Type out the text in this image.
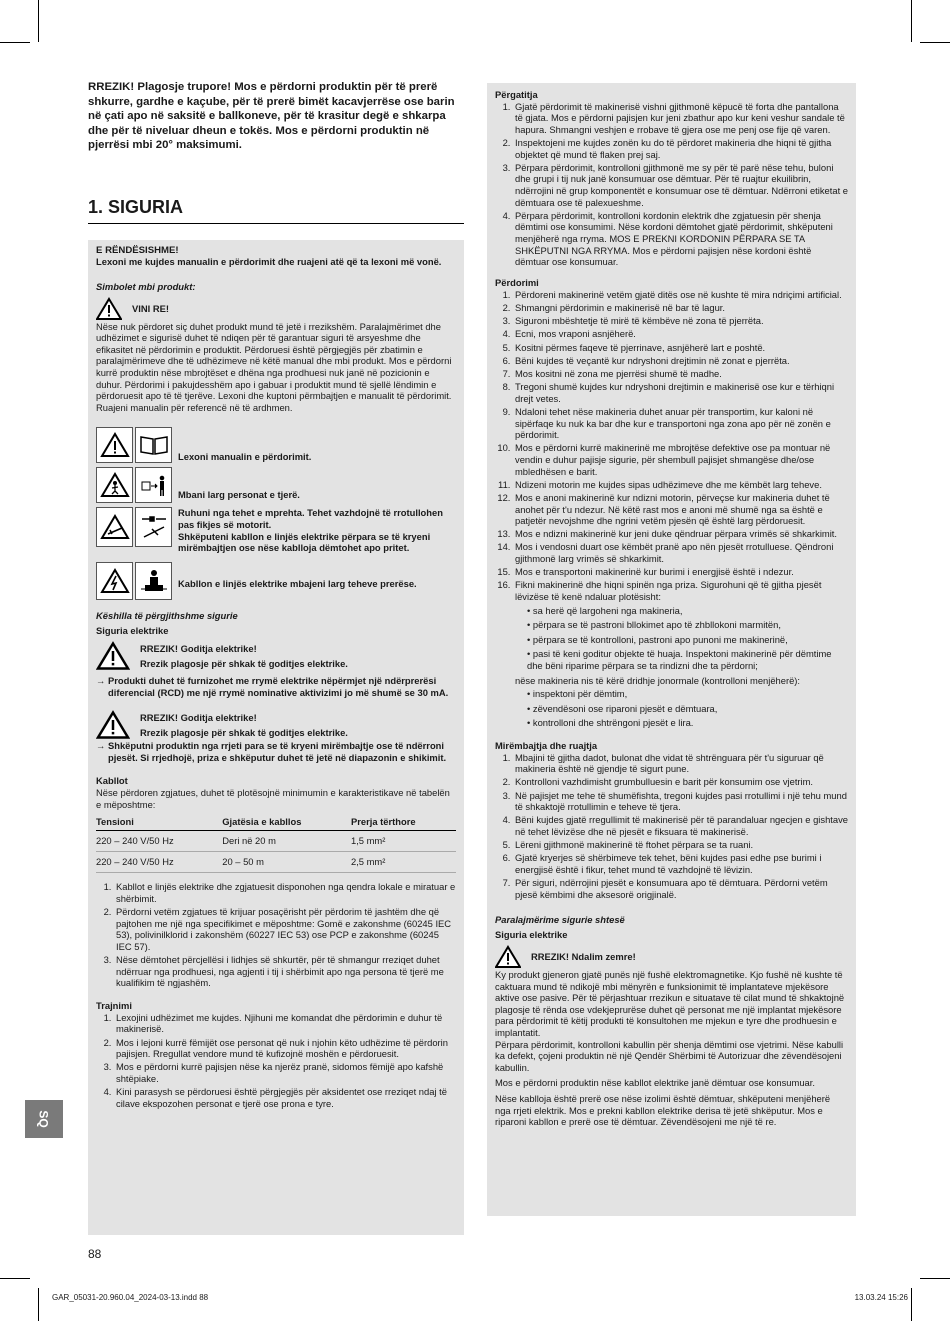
RREZIK! Plagosje trupore! Mos e përdorni produktin për të prerë shkurre, gardhe e kaçube, për të prerë bimët kacavjerrëse ose barin në çati apo në saksitë e ballkoneve, për të krasitur degë e shkarpa dhe për të niveluar dheun e tokës. Mos e përdorni produktin në pjerrësi mbi 20° maksimumi.

1. SIGURIA

E RËNDËSISHME!

Lexoni me kujdes manualin e përdorimit dhe ruajeni atë që ta lexoni më vonë.

Simbolet mbi produkt:

VINI RE!

Nëse nuk përdoret siç duhet produkt mund të jetë i rrezikshëm. Paralajmërimet dhe udhëzimet e sigurisë duhet të ndiqen për të garantuar siguri të arsyeshme dhe efikasitet në përdorimin e produktit. Përdoruesi është përgjegjës për zbatimin e paralajmërimeve dhe të udhëzimeve në këtë manual dhe mbi produkt. Mos e përdorni kurrë produktin nëse mbrojtëset e dhëna nga prodhuesi nuk janë në pozicionin e duhur. Përdorimi i pakujdesshëm apo i gabuar i produktit mund të sjellë lëndimin e përdoruesit apo të të tjerëve. Lexoni dhe kuptoni përmbajtjen e manualit të përdorimit. Ruajeni manualin për referencë në të ardhmen.

Lexoni manualin e përdorimit.
Mbani larg personat e tjerë.
Ruhuni nga tehet e mprehta. Tehet vazhdojnë të rrotullohen pas fikjes së motorit.
Shkëputeni kabllon e linjës elektrike përpara se të kryeni mirëmbajtjen ose nëse kablloja dëmtohet apo pritet.
Kabllon e linjës elektrike mbajeni larg teheve prerëse.

Këshilla të përgjithshme sigurie

Siguria elektrike

RREZIK! Goditja elektrike!

Rrezik plagosje për shkak të goditjes elektrike.

→ Produkti duhet të furnizohet me rrymë elektrike nëpërmjet një ndërprerësi diferencial (RCD) me një rrymë nominative aktivizimi jo më shumë se 30 mA.

RREZIK! Goditja elektrike!

Rrezik plagosje për shkak të goditjes elektrike.

→ Shkëputni produktin nga rrjeti para se të kryeni mirëmbajtje ose të ndërroni pjesët. Si rrjedhojë, priza e shkëputur duhet të jetë në diapazonin e shikimit.

Kabllot

Nëse përdoren zgjatues, duhet të plotësojnë minimumin e karakteristikave në tabelën e mëposhtme:

Tensioni	Gjatësia e kabllos	Prerja tërthore
220 – 240 V/50 Hz	Deri në 20 m	1,5 mm²
220 – 240 V/50 Hz	20 – 50 m	2,5 mm²
1. Kabllot e linjës elektrike dhe zgjatuesit disponohen nga qendra lokale e miratuar e shërbimit.
2. Përdorni vetëm zgjatues të krijuar posaçërisht për përdorim të jashtëm dhe që pajtohen me një nga specifikimet e mëposhtme: Gomë e zakonshme (60245 IEC 53), polivinilklorid i zakonshëm (60227 IEC 53) ose PCP e zakonshme (60245 IEC 57).
3. Nëse dëmtohet përcjellësi i lidhjes së shkurtër, për të shmangur rreziqet duhet ndërruar nga prodhuesi, nga agjenti i tij i shërbimit apo nga persona të tjerë me kualifikim të ngjashëm.

Trajnimi

1. Lexojini udhëzimet me kujdes. Njihuni me komandat dhe përdorimin e duhur të makinerisë.
2. Mos i lejoni kurrë fëmijët ose personat që nuk i njohin këto udhëzime të përdorin pajisjen. Rregullat vendore mund të kufizojnë moshën e përdoruesit.
3. Mos e përdorni kurrë pajisjen nëse ka njerëz pranë, sidomos fëmijë apo kafshë shtëpiake.
4. Kini parasysh se përdoruesi është përgjegjës për aksidentet ose rreziqet ndaj të cilave ekspozohen personat e tjerë ose prona e tyre.

Përgatitja

1. Gjatë përdorimit të makinerisë vishni gjithmonë këpucë të forta dhe pantallona të gjata. Mos e përdorni pajisjen kur jeni zbathur apo kur keni veshur sandale të hapura. Shmangni veshjen e rrobave të gjera ose me penj ose fije që varen.
2. Inspektojeni me kujdes zonën ku do të përdoret makineria dhe hiqni të gjitha objektet që mund të flaken prej saj.
3. Përpara përdorimit, kontrolloni gjithmonë me sy për të parë nëse tehu, buloni dhe grupi i tij nuk janë konsumuar ose dëmtuar. Për të ruajtur ekuilibrin, ndërrojini në grup komponentët e konsumuar ose të dëmtuar. Ndërroni etiketat e dëmtuara ose të palexueshme.
4. Përpara përdorimit, kontrolloni kordonin elektrik dhe zgjatuesin për shenja dëmtimi ose konsumimi. Nëse kordoni dëmtohet gjatë përdorimit, shkëputeni menjëherë nga rryma. MOS E PREKNI KORDONIN PËRPARA SE TA SHKËPUTNI NGA RRYMA. Mos e përdorni pajisjen nëse kordoni është dëmtuar ose konsumuar.

Përdorimi

1. Përdoreni makinerinë vetëm gjatë ditës ose në kushte të mira ndriçimi artificial.
2. Shmangni përdorimin e makinerisë në bar të lagur.
3. Siguroni mbështetje të mirë të këmbëve në zona të pjerrëta.
4. Ecni, mos vraponi asnjëherë.
5. Kositni përmes faqeve të pjerrinave, asnjëherë lart e poshtë.
6. Bëni kujdes të veçantë kur ndryshoni drejtimin në zonat e pjerrëta.
7. Mos kositni në zona me pjerrësi shumë të madhe.
8. Tregoni shumë kujdes kur ndryshoni drejtimin e makinerisë ose kur e tërhiqni drejt vetes.
9. Ndaloni tehet nëse makineria duhet anuar për transportim, kur kaloni në sipërfaqe ku nuk ka bar dhe kur e transportoni nga zona apo për në zonën e përdorimit.
10. Mos e përdorni kurrë makinerinë me mbrojtëse defektive ose pa montuar në vendin e duhur pajisje sigurie, për shembull pajisjet shmangëse dhe/ose mbledhësen e barit.
11. Ndizeni motorin me kujdes sipas udhëzimeve dhe me këmbët larg teheve.
12. Mos e anoni makinerinë kur ndizni motorin, përveçse kur makineria duhet të anohet për t'u ndezur. Në këtë rast mos e anoni më shumë nga sa është e patjetër nevojshme dhe ngrini vetëm pjesën që është larg përdoruesit.
13. Mos e ndizni makinerinë kur jeni duke qëndruar përpara vrimës së shkarkimit.
14. Mos i vendosni duart ose këmbët pranë apo nën pjesët rrotulluese. Qëndroni gjithmonë larg vrimës së shkarkimit.
15. Mos e transportoni makinerinë kur burimi i energjisë është i ndezur.
16. Fikni makinerinë dhe hiqni spinën nga priza. Sigurohuni që të gjitha pjesët lëvizëse të kenë ndaluar plotësisht:
• sa herë që largoheni nga makineria,
• përpara se të pastroni bllokimet apo të zhbllokoni marmitën,
• përpara se të kontrolloni, pastroni apo punoni me makinerinë,
• pasi të keni goditur objekte të huaja. Inspektoni makinerinë për dëmtime dhe bëni riparime përpara se ta rindizni dhe ta përdorni;

nëse makineria nis të kërë dridhje jonormale (kontrolloni menjëherë):

• inspektoni për dëmtim,
• zëvendësoni ose riparoni pjesët e dëmtuara,
• kontrolloni dhe shtrëngoni pjesët e lira.

Mirëmbajtja dhe ruajtja

1. Mbajini të gjitha dadot, bulonat dhe vidat të shtrënguara për t'u siguruar që makineria është në gjendje të sigurt pune.
2. Kontrolloni vazhdimisht grumbulluesin e barit për konsumim ose vjetrim.
3. Në pajisjet me tehe të shumëfishta, tregoni kujdes pasi rrotullimi i një tehu mund të shkaktojë rrotullimin e teheve të tjera.
4. Bëni kujdes gjatë rregullimit të makinerisë për të parandaluar ngecjen e gishtave në tehet lëvizëse dhe në pjesët e fiksuara të makinerisë.
5. Lëreni gjithmonë makinerinë të ftohet përpara se ta ruani.
6. Gjatë kryerjes së shërbimeve tek tehet, bëni kujdes pasi edhe pse burimi i energjisë është i fikur, tehet mund të vazhdojnë të lëvizin.
7. Për siguri, ndërrojini pjesët e konsumuara apo të dëmtuara. Përdorni vetëm pjesë këmbimi dhe aksesorë origjinalë.

Paralajmërime sigurie shtesë

Siguria elektrike

RREZIK! Ndalim zemre!

Ky produkt gjeneron gjatë punës një fushë elektromagnetike. Kjo fushë në kushte të caktuara mund të ndikojë mbi mënyrën e funksionimit të implantateve mjekësore aktive ose pasive. Për të përjashtuar rrezikun e situatave të cilat mund të shkaktojnë plagosje të rënda ose vdekjeprurëse duhet që personat me një implantat mjekësore para përdorimit të këtij produkti të konsultohen me mjekun e tyre dhe prodhuesin e implantatit.

Përpara përdorimit, kontrolloni kabullin për shenja dëmtimi ose vjetrimi. Nëse kabulli ka defekt, çojeni produktin në një Qendër Shërbimi të Autorizuar dhe zëvendësojeni kabullin.

Mos e përdorni produktin nëse kabllot elektrike janë dëmtuar ose konsumuar.

Nëse kablloja është prerë ose nëse izolimi është dëmtuar, shkëputeni menjëherë nga rrjeti elektrik. Mos e prekni kabllon elektrike derisa të jetë shkëputur. Mos e riparoni kabllon e prerë ose të dëmtuar. Zëvendësojeni me një të re.

SQ
88
GAR_05031-20.960.04_2024-03-13.indd 88	13.03.24 15:26
